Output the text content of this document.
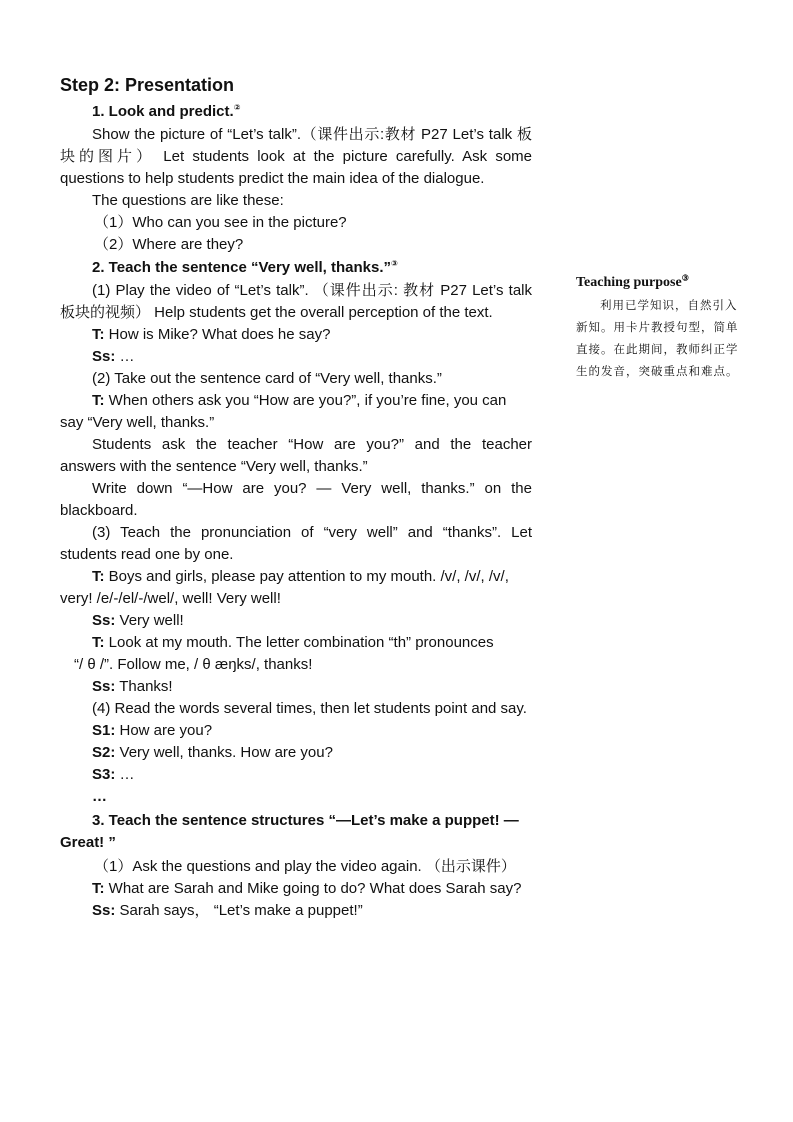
Step 2: Presentation

1. Look and predict.②

Show the picture of “Let’s talk”.（课件出示:教材 P27 Let’s talk 板块的图片） Let students look at the picture carefully. Ask some questions to help students predict the main idea of the dialogue.

The questions are like these:

（1）Who can you see in the picture?

（2）Where are they?

2. Teach the sentence “Very well, thanks.”③

(1) Play the video of “Let’s talk”. （课件出示: 教材 P27 Let’s talk 板块的视频） Help students get the overall perception of the text.

T: How is Mike? What does he say?

Ss: …

(2) Take out the sentence card of “Very well, thanks.”

T: When others ask you “How are you?”, if you’re fine, you can say “Very well, thanks.”

Students ask the teacher “How are you?” and the teacher answers with the sentence “Very well, thanks.”

Write down “—How are you? — Very well, thanks.” on the blackboard.

(3) Teach the pronunciation of “very well” and “thanks”. Let students read one by one.

T: Boys and girls, please pay attention to my mouth. /v/, /v/, /v/, very! /e/-/el/-/wel/, well! Very well!

Ss: Very well!

T: Look at my mouth. The letter combination “th” pronounces

“/ θ /”. Follow me, / θ æŋks/, thanks!

Ss: Thanks!

(4) Read the words several times, then let students point and say.

S1: How are you?

S2: Very well, thanks. How are you?

S3: …

…

3. Teach the sentence structures “—Let’s make a puppet! —Great! ”

（1）Ask the questions and play the video again. （出示课件）

T: What are Sarah and Mike going to do? What does Sarah say?

Ss: Sarah says， “Let’s make a puppet!”

Teaching purpose③

利用已学知识，自然引入新知。用卡片教授句型，简单直接。在此期间，教师纠正学生的发音，突破重点和难点。
